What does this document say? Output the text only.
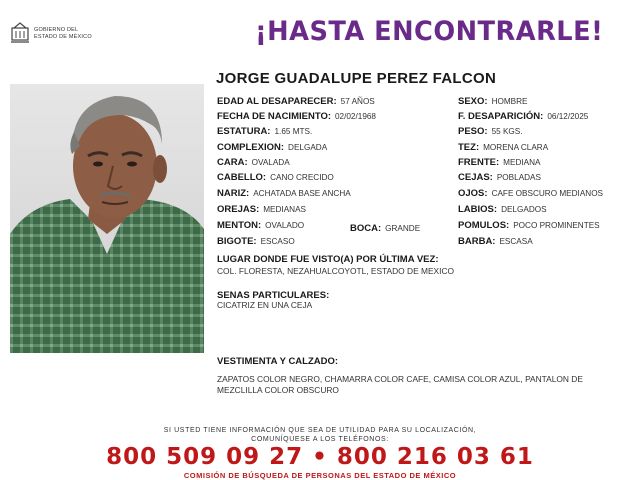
GOBIERNO DEL
ESTADO DE MÉXICO	¡HASTA ENCONTRARLE!
JORGE GUADALUPE PEREZ FALCON
EDAD AL DESAPARECER: 57 AÑOS
FECHA DE NACIMIENTO: 02/02/1968
ESTATURA: 1.65 MTS.
COMPLEXION: DELGADA
CARA: OVALADA
CABELLO: CANO CRECIDO
NARIZ: ACHATADA BASE ANCHA
OREJAS: MEDIANAS
MENTON: OVALADO	BOCA: GRANDE
BIGOTE: ESCASO
SEXO: HOMBRE
F. DESAPARICIÓN: 06/12/2025
PESO: 55 KGS.
TEZ: MORENA CLARA
FRENTE: MEDIANA
CEJAS: POBLADAS
OJOS: CAFE OBSCURO MEDIANOS
LABIOS: DELGADOS
POMULOS: POCO PROMINENTES
BARBA: ESCASA
LUGAR DONDE FUE VISTO(A) POR ÚLTIMA VEZ:
COL. FLORESTA, NEZAHUALCOYOTL, ESTADO DE MEXICO
SENAS PARTICULARES:
CICATRIZ EN UNA CEJA
VESTIMENTA Y CALZADO:
ZAPATOS COLOR NEGRO, CHAMARRA COLOR CAFE, CAMISA COLOR AZUL, PANTALON DE MEZCLILLA COLOR OBSCURO
SI USTED TIENE INFORMACIÓN QUE SEA DE UTILIDAD PARA SU LOCALIZACIÓN,
COMUNÍQUESE A LOS TELÉFONOS:
800 509 09 27 • 800 216 03 61
COMISIÓN DE BÚSQUEDA DE PERSONAS DEL ESTADO DE MÉXICO
